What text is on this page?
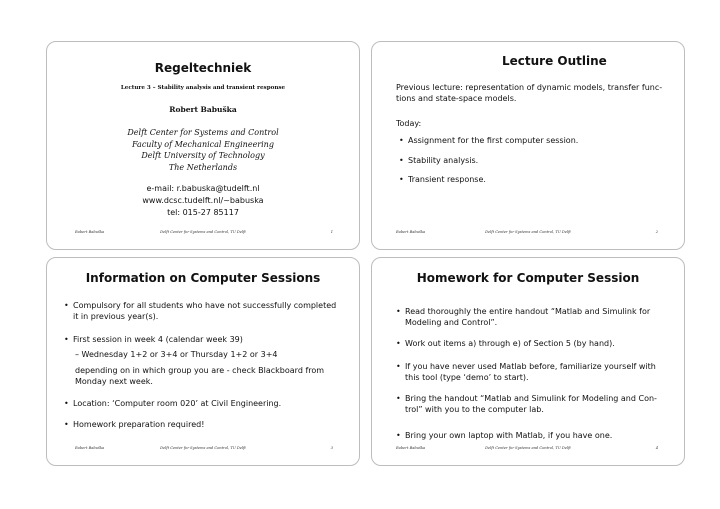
Regeltechniek
Lecture 3 – Stability analysis and transient response
Robert Babuška
Delft Center for Systems and Control
Faculty of Mechanical Engineering
Delft University of Technology
The Netherlands
e-mail: r.babuska@tudelft.nl
www.dcsc.tudelft.nl/~babuska
tel: 015-27 85117
Robert Babuška	Delft Center for Systems and Control, TU Delft	1
Lecture Outline
Previous lecture: representation of dynamic models, transfer func-
tions and state-space models.
Today:
• Assignment for the first computer session.
• Stability analysis.
• Transient response.
Robert Babuška	Delft Center for Systems and Control, TU Delft	2
Information on Computer Sessions
• Compulsory for all students who have not successfully completed
it in previous year(s).
• First session in week 4 (calendar week 39)
– Wednesday 1+2 or 3+4 or Thursday 1+2 or 3+4
depending on in which group you are - check Blackboard from
Monday next week.
• Location: ‘Computer room 020’ at Civil Engineering.
• Homework preparation required!
Robert Babuška	Delft Center for Systems and Control, TU Delft	3
Homework for Computer Session
• Read thoroughly the entire handout “Matlab and Simulink for
Modeling and Control”.
• Work out items a) through e) of Section 5 (by hand).
• If you have never used Matlab before, familiarize yourself with
this tool (type ‘demo’ to start).
• Bring the handout “Matlab and Simulink for Modeling and Con-
trol” with you to the computer lab.
• Bring your own laptop with Matlab, if you have one.
Robert Babuška	Delft Center for Systems and Control, TU Delft	4
